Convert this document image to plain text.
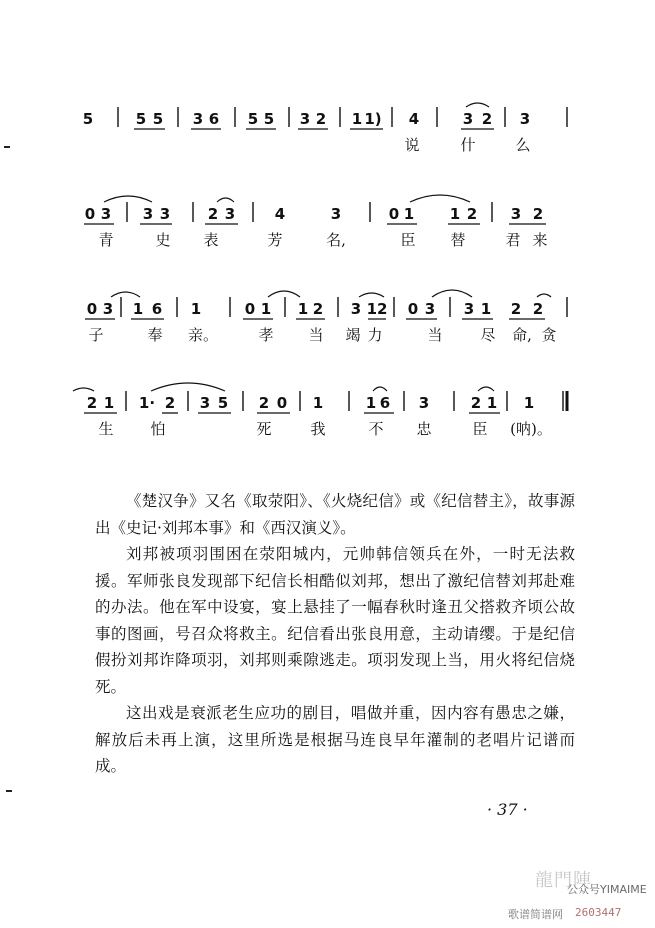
5	5 5 3 6 5 5 3 2 1 1) 4	3 2 3
说	什	么
0 3 3 3	2 3	4	3	0 1 1 2 3 2
青	史 表	芳	名,	臣 替	君 来
0 3 1 6 1	0 1 1 2 3 12 0 3 3 1 2 2
子	奉 亲。	孝 当 竭 力	当	尽 命, 贪
2 1 1· 2 3 5 2 0 1	1 6 3	2 1 1
生 怕	死	我	不 忠	臣 (呐)。

《楚汉争》又名《取荥阳》、《火烧纪信》或《纪信替主》，故事源出《史记·刘邦本事》和《西汉演义》。

刘邦被项羽围困在荥阳城内，元帅韩信领兵在外，一时无法救援。军师张良发现部下纪信长相酷似刘邦，想出了激纪信替刘邦赴难的办法。他在军中设宴，宴上悬挂了一幅春秋时逢丑父搭救齐顷公故事的图画，号召众将救主。纪信看出张良用意，主动请缨。于是纪信假扮刘邦诈降项羽，刘邦则乘隙逃走。项羽发现上当，用火将纪信烧死。

这出戏是衰派老生应功的剧目，唱做并重，因内容有愚忠之嫌，解放后未再上演，这里所选是根据马连良早年灌制的老唱片记谱而成。

· 37 ·
龍門陣
公众号YIMAIME
歌谱简谱网 2603447
